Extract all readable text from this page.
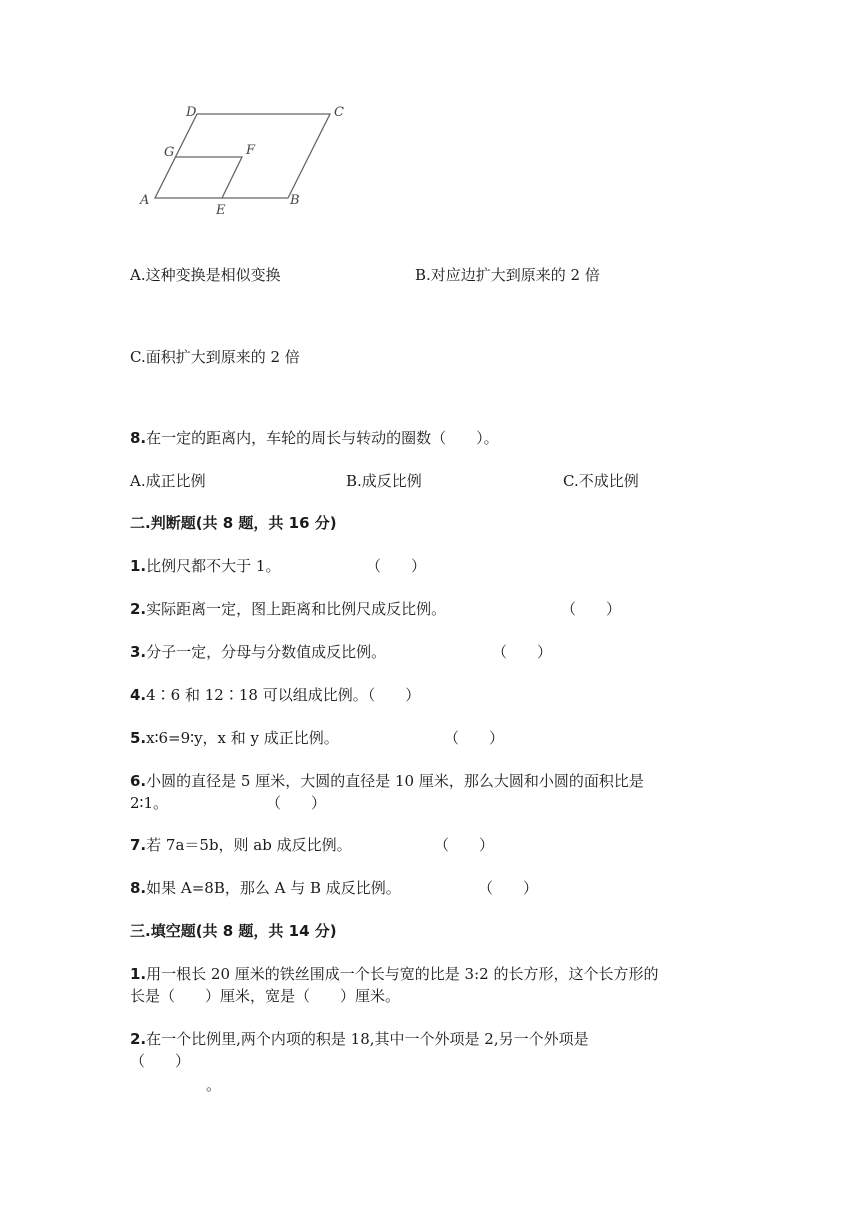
D	C
G	F
A
E
B
A.这种变换是相似变换	B.对应边扩大到原来的 2 倍
C.面积扩大到原来的 2 倍
8.在一定的距离内，车轮的周长与转动的圈数（　　）。
A.成正比例	B.成反比例	C.不成比例
二.判断题(共 8 题，共 16 分)
1.比例尺都不大于 1。	（　　）
2.实际距离一定，图上距离和比例尺成反比例。	（　　）
3.分子一定，分母与分数值成反比例。	（　　）
4.4∶6 和 12∶18 可以组成比例。（　　）
5.x∶6=9∶y，x 和 y 成正比例。	（　　）
6.小圆的直径是 5 厘米，大圆的直径是 10 厘米，那么大圆和小圆的面积比是
2∶1。	（　　）
7.若 7a＝5b，则 ab 成反比例。	（　　）
8.如果 A=8B，那么 A 与 B 成反比例。	（　　）
三.填空题(共 8 题，共 14 分)
1.用一根长 20 厘米的铁丝围成一个长与宽的比是 3:2 的长方形，这个长方形的
长是（　　）厘米，宽是（　　）厘米。
2.在一个比例里,两个内项的积是 18,其中一个外项是 2,另一个外项是
（　　）
。
